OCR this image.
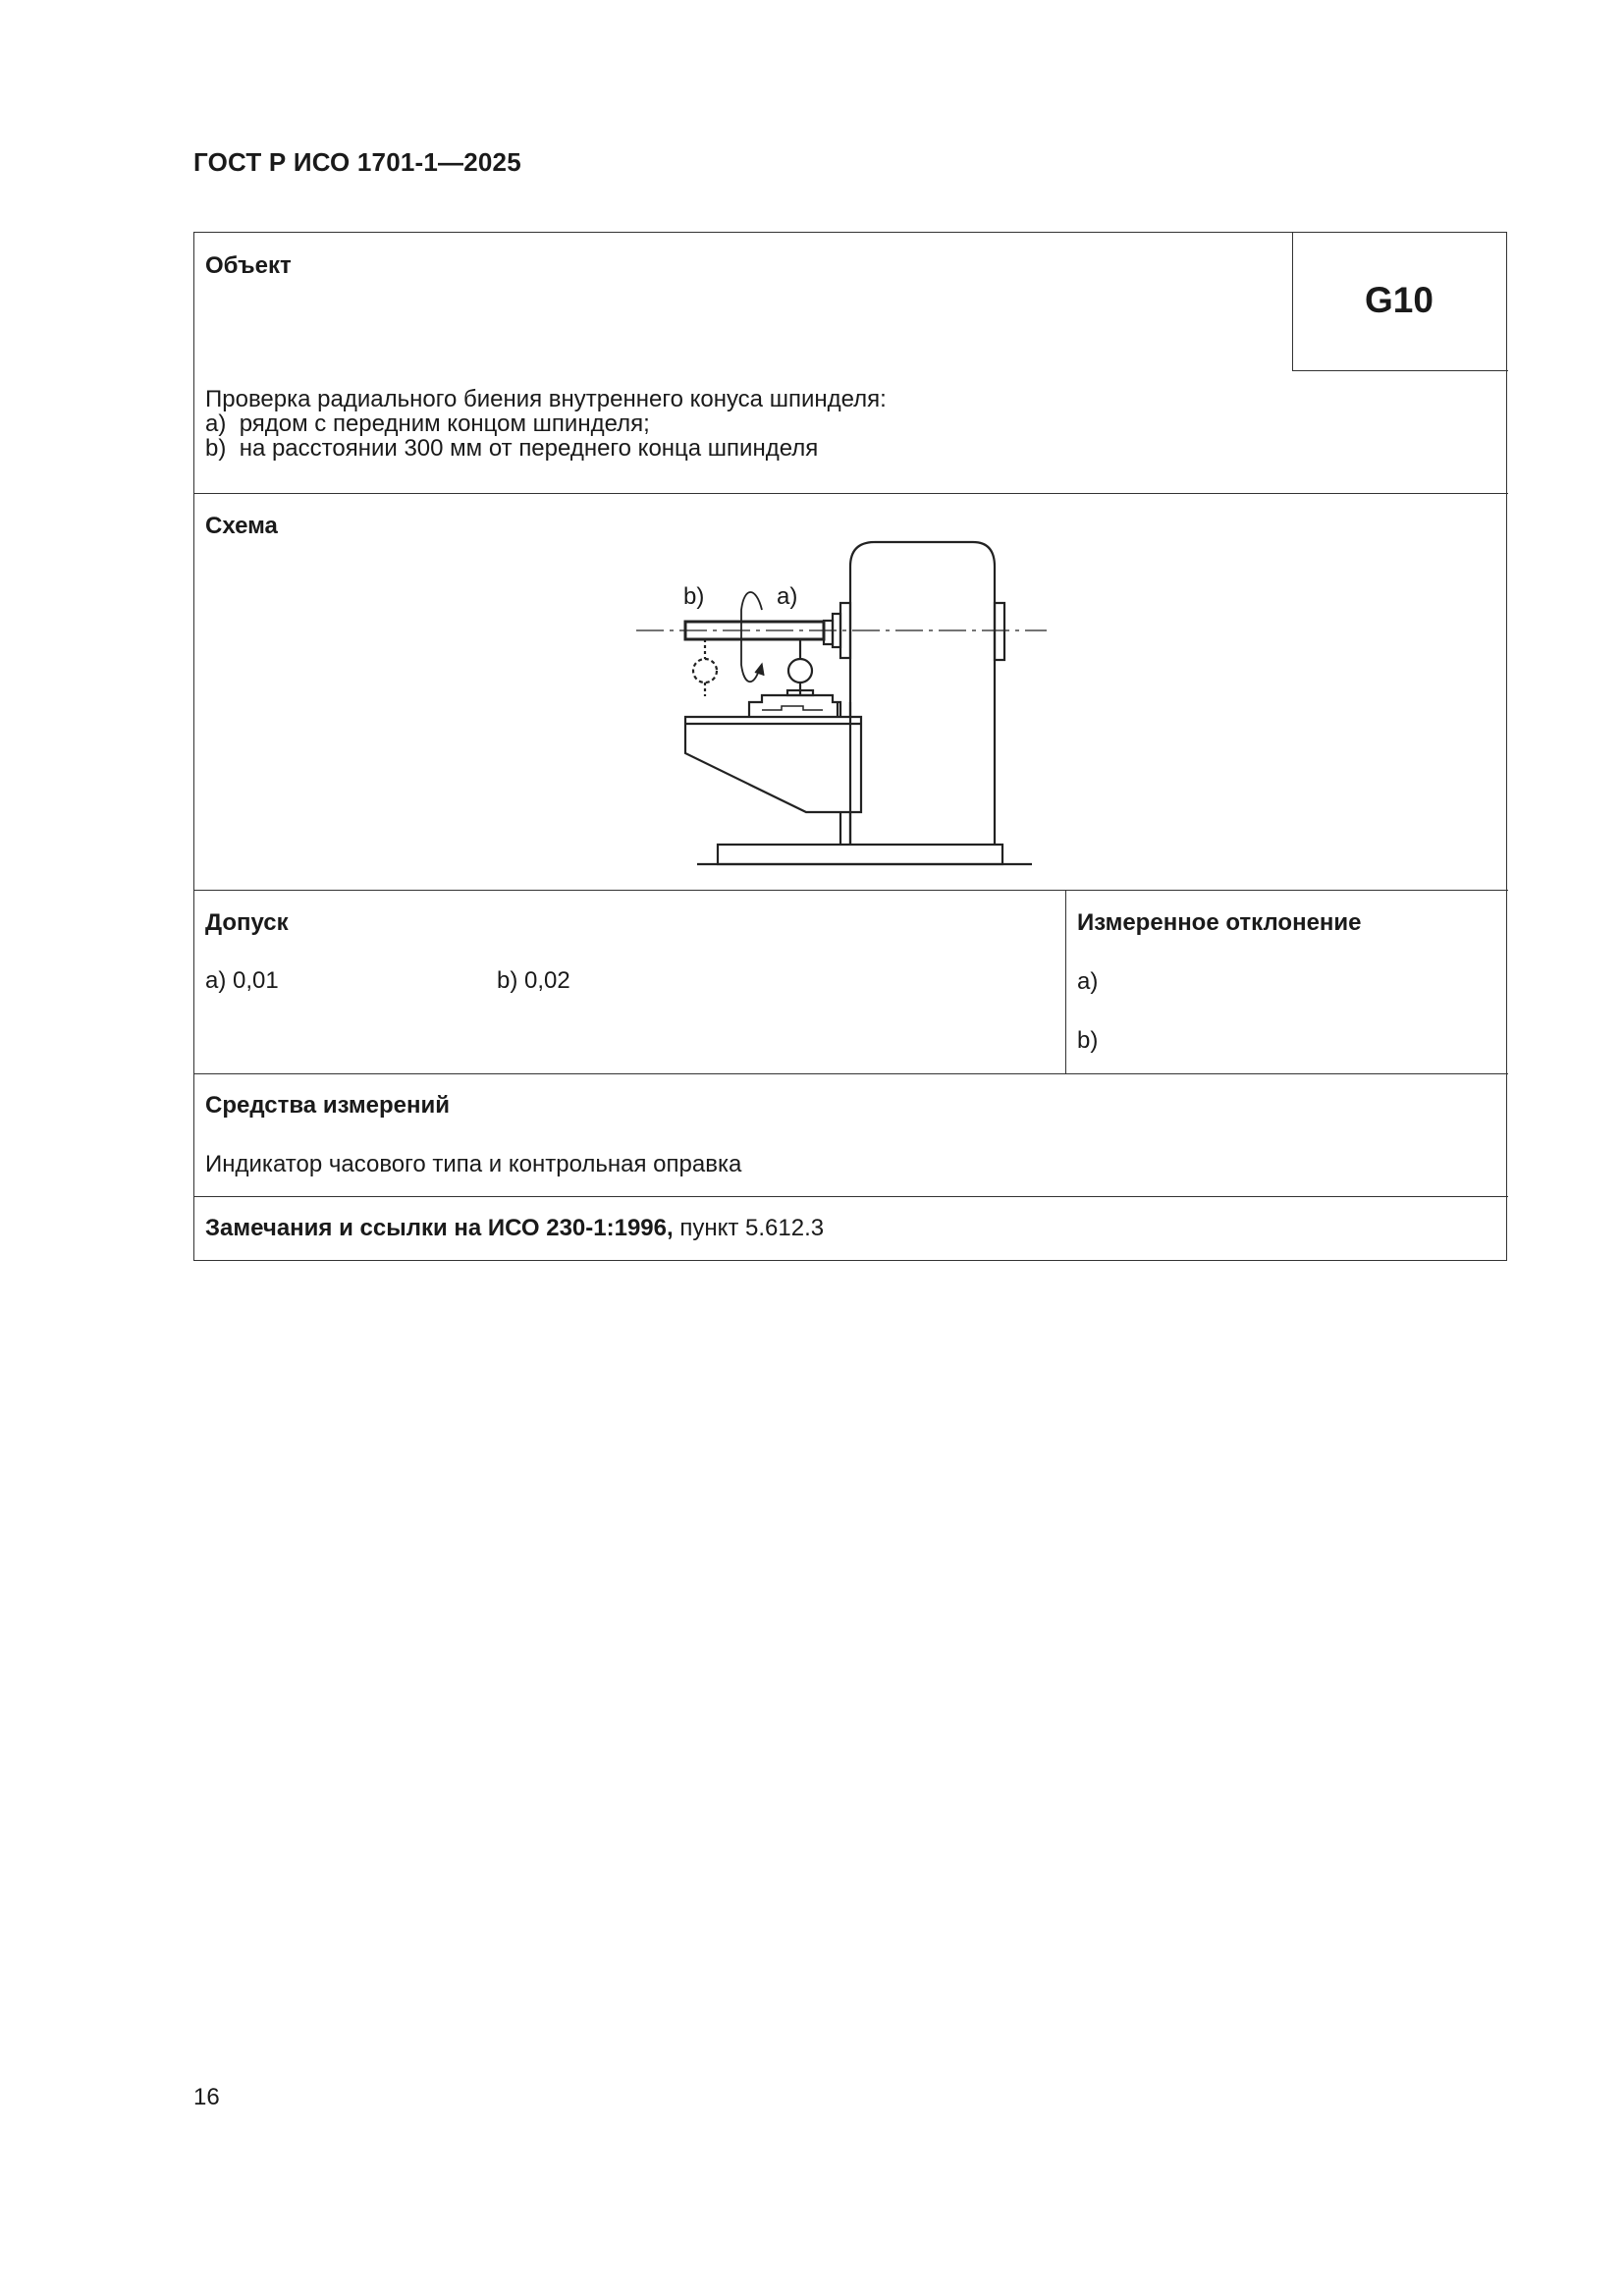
ГОСТ Р ИСО 1701-1—2025
Объект
G10
Проверка радиального биения внутреннего конуса шпинделя:
a) рядом с передним концом шпинделя;
b) на расстоянии 300 мм от переднего конца шпинделя
Схема
b)	a)
Допуск
a) 0,01	b) 0,02
Измеренное отклонение
a)
b)
Средства измерений
Индикатор часового типа и контрольная оправка
Замечания и ссылки на ИСО 230-1:1996, пункт 5.612.3
16
